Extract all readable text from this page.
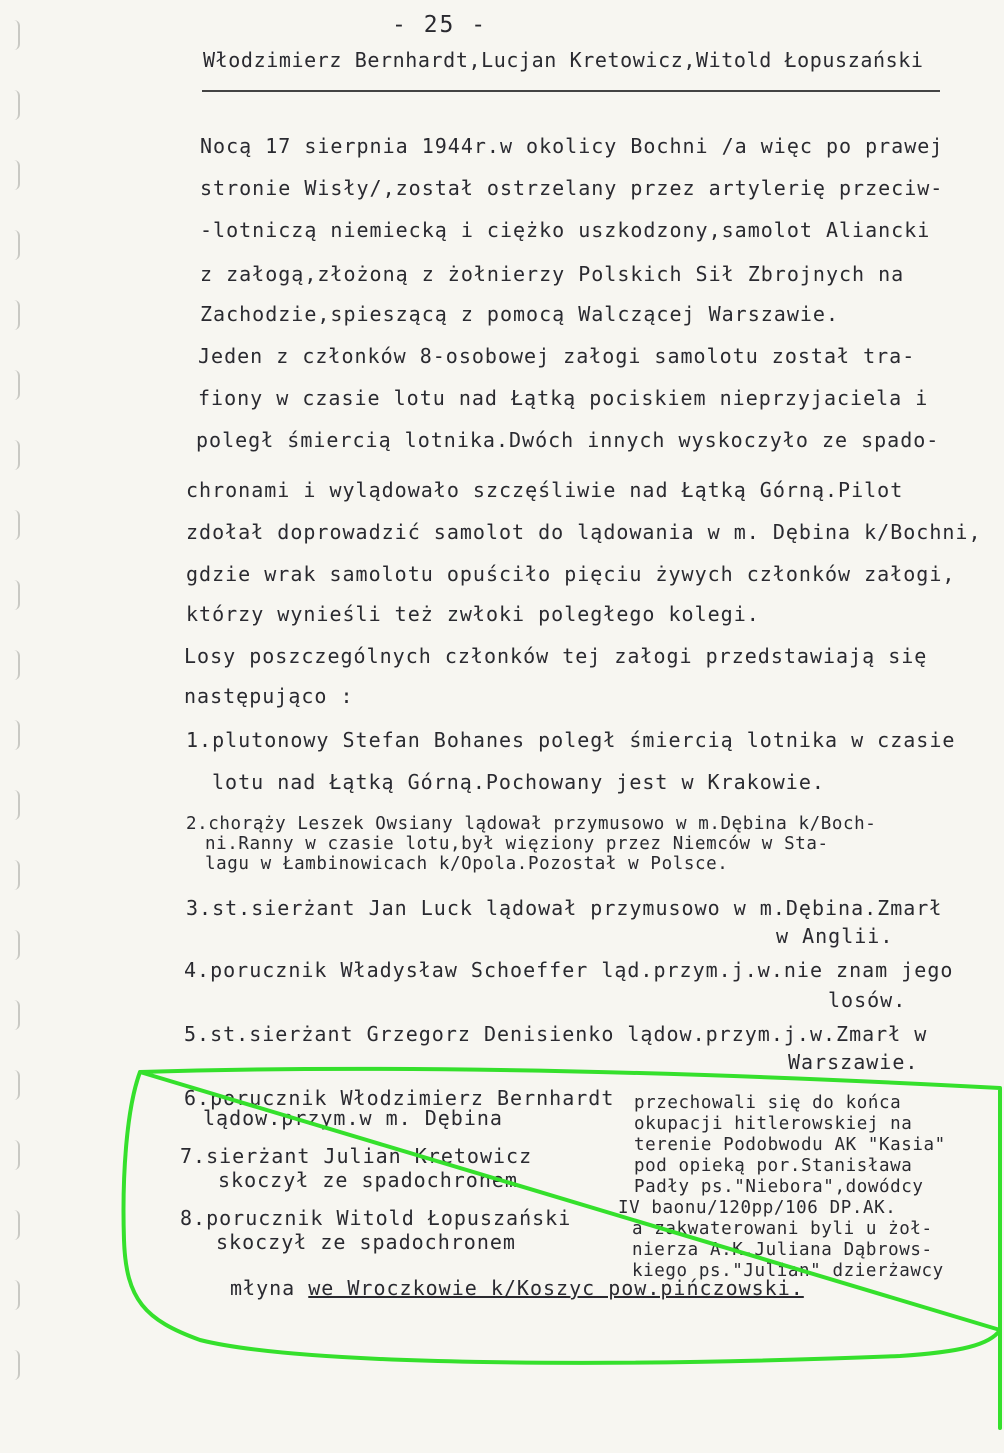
- 25 -
Włodzimierz Bernhardt,Lucjan Kretowicz,Witold Łopuszański
Nocą 17 sierpnia 1944r.w okolicy Bochni /a więc po prawej
stronie Wisły/,został ostrzelany przez artylerię przeciw-
-lotniczą niemiecką i ciężko uszkodzony,samolot Aliancki
z załogą,złożoną z żołnierzy Polskich Sił Zbrojnych na
Zachodzie,spieszącą z pomocą Walczącej Warszawie.
Jeden z członków 8-osobowej załogi samolotu został tra-
fiony w czasie lotu nad Łątką pociskiem nieprzyjaciela i
poległ śmiercią lotnika.Dwóch innych wyskoczyło ze spado-
chronami i wylądowało szczęśliwie nad Łątką Górną.Pilot
zdołał doprowadzić samolot do lądowania w m. Dębina k/Bochni,
gdzie wrak samolotu opuściło pięciu żywych członków załogi,
którzy wynieśli też zwłoki poległego kolegi.
Losy poszczególnych członków tej załogi przedstawiają się
następująco :
1.plutonowy Stefan Bohanes poległ śmiercią lotnika w czasie
lotu nad Łątką Górną.Pochowany jest w Krakowie.
2.chorąży Leszek Owsiany lądował przymusowo w m.Dębina k/Boch-
ni.Ranny w czasie lotu,był więziony przez Niemców w Sta-
lagu w Łambinowicach k/Opola.Pozostał w Polsce.
3.st.sierżant Jan Luck lądował przymusowo w m.Dębina.Zmarł
w Anglii.
4.porucznik Władysław Schoeffer ląd.przym.j.w.nie znam jego
losów.
5.st.sierżant Grzegorz Denisienko lądow.przym.j.w.Zmarł w
Warszawie.
6.porucznik Włodzimierz Bernhardt
lądow.przym.w m. Dębina
7.sierżant Julian Kretowicz
skoczył ze spadochronem
8.porucznik Witold Łopuszański
skoczył ze spadochronem
przechowali się do końca
okupacji hitlerowskiej na
terenie Podobwodu AK "Kasia"
pod opieką por.Stanisława
Padły ps."Niebora",dowódcy
IV baonu/120pp/106 DP.AK.
a zakwaterowani byli u żoł-
nierza A.K.Juliana Dąbrows-
kiego ps."Julian" dzierżawcy
młyna we Wroczkowie k/Koszyc pow.pińczowski.
